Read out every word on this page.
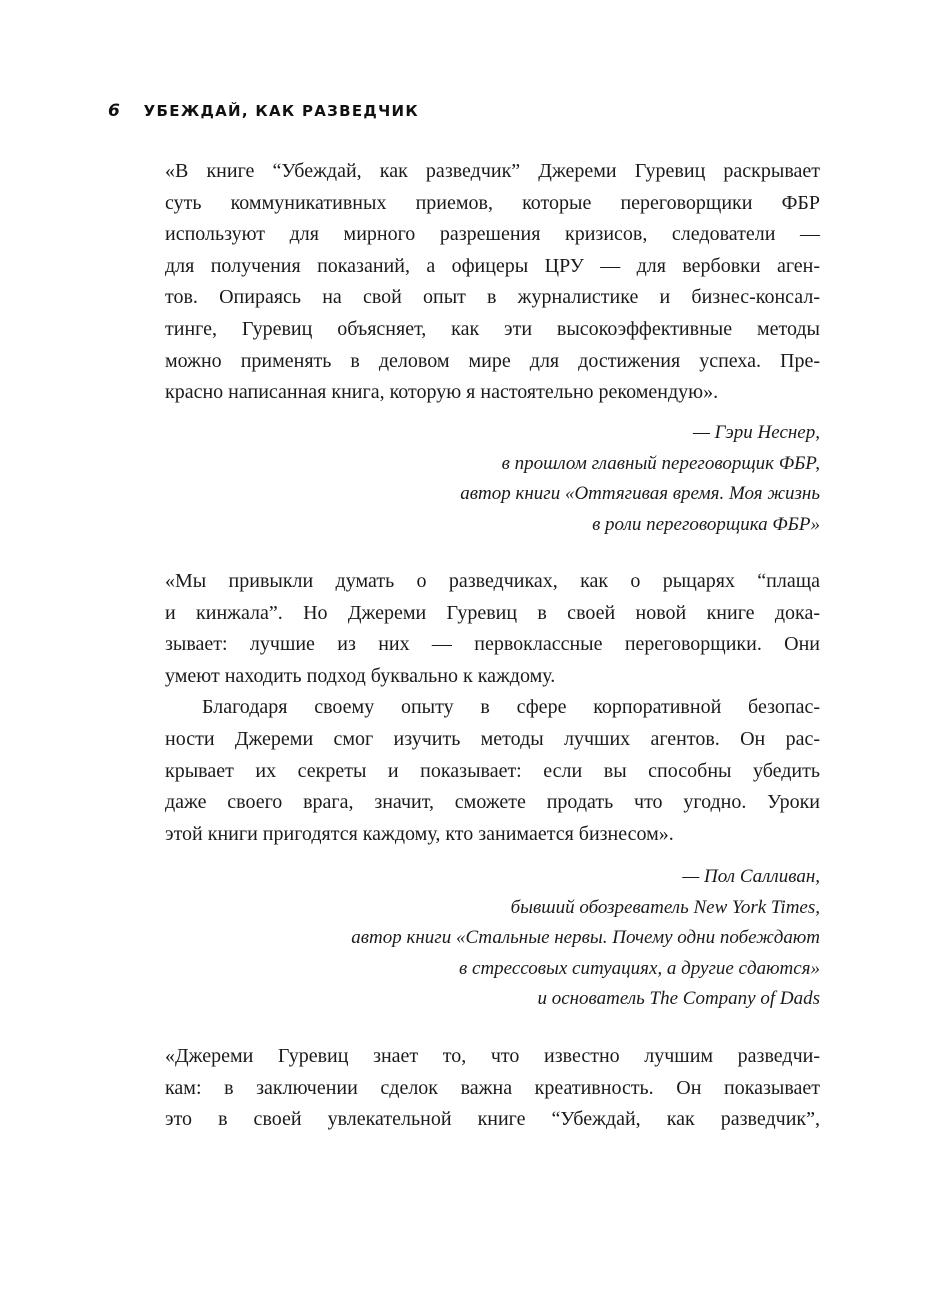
6 УБЕЖДАЙ, КАК РАЗВЕДЧИК
«В книге “Убеждай, как разведчик” Джереми Гуревиц раскрывает
суть коммуникативных приемов, которые переговорщики ФБР
используют для мирного разрешения кризисов, следователи —
для получения показаний, а офицеры ЦРУ — для вербовки аген-
тов. Опираясь на свой опыт в журналистике и бизнес-консал-
тинге, Гуревиц объясняет, как эти высокоэффективные методы
можно применять в деловом мире для достижения успеха. Пре-
красно написанная книга, которую я настоятельно рекомендую».
— Гэри Неснер,
в прошлом главный переговорщик ФБР,
автор книги «Оттягивая время. Моя жизнь
в роли переговорщика ФБР»
«Мы привыкли думать о разведчиках, как о рыцарях “плаща
и кинжала”. Но Джереми Гуревиц в своей новой книге дока-
зывает: лучшие из них — первоклассные переговорщики. Они
умеют находить подход буквально к каждому.
Благодаря своему опыту в сфере корпоративной безопас-
ности Джереми смог изучить методы лучших агентов. Он рас-
крывает их секреты и показывает: если вы способны убедить
даже своего врага, значит, сможете продать что угодно. Уроки
этой книги пригодятся каждому, кто занимается бизнесом».
— Пол Салливан,
бывший обозреватель New York Times,
автор книги «Стальные нервы. Почему одни побеждают
в стрессовых ситуациях, а другие сдаются»
и основатель The Company of Dads
«Джереми Гуревиц знает то, что известно лучшим разведчи-
кам: в заключении сделок важна креативность. Он показывает
это в своей увлекательной книге “Убеждай, как разведчик”,
